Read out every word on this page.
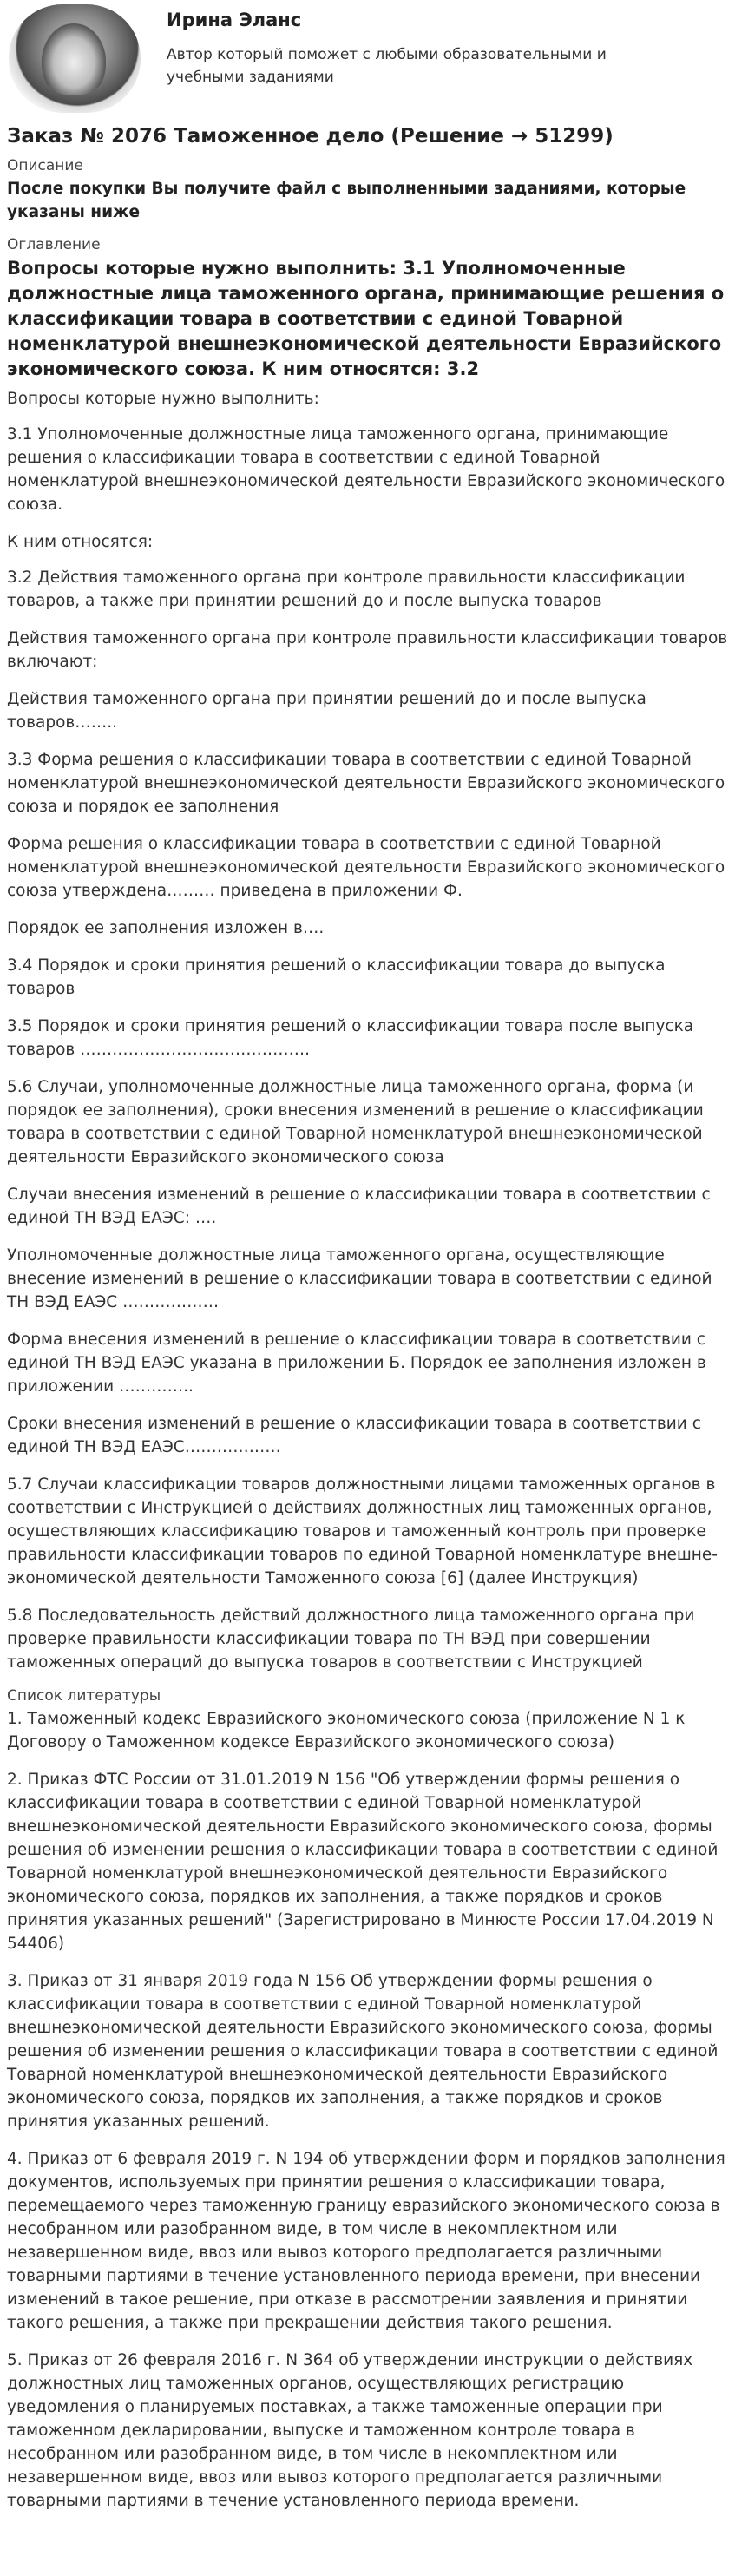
Ирина Эланс
Автор который поможет с любыми образовательными и учебными заданиями
Заказ № 2076 Таможенное дело (Решение → 51299)
Описание
После покупки Вы получите файл с выполненными заданиями, которые указаны ниже
Оглавление
Вопросы которые нужно выполнить: 3.1 Уполномоченные должностные лица таможенного органа, принимающие решения о классификации товара в соответствии с единой Товарной номенклатурой внешнеэкономической деятельности Евразийского экономического союза. К ним относятся: 3.2

Вопросы которые нужно выполнить:

3.1 Уполномоченные должностные лица таможенного органа, принимающие решения о классификации товара в соответствии с единой Товарной номенклатурой внешнеэкономической деятельности Евразийского экономического союза.

К ним относятся:

3.2 Действия таможенного органа при контроле правильности классификации товаров, а также при принятии решений до и после выпуска товаров

Действия таможенного органа при контроле правильности классификации товаров включают:

Действия таможенного органа при принятии решений до и после выпуска товаров……..

3.3 Форма решения о классификации товара в соответствии с единой Товарной номенклатурой внешнеэкономической деятельности Евразийского экономического союза и порядок ее заполнения

Форма решения о классификации товара в соответствии с единой Товарной номенклатурой внешнеэкономической деятельности Евразийского экономического союза утверждена……… приведена в приложении Ф.

Порядок ее заполнения изложен в….

3.4 Порядок и сроки принятия решений о классификации товара до выпуска товаров

3.5 Порядок и сроки принятия решений о классификации товара после выпуска товаров …………………………………….

5.6 Случаи, уполномоченные должностные лица таможенного органа, форма (и порядок ее заполнения), сроки внесения изменений в решение о классификации товара в соответствии с единой Товарной номенклатурой внешнеэкономической деятельности Евразийского экономического союза

Случаи внесения изменений в решение о классификации товара в соответствии с единой ТН ВЭД ЕАЭС: ….

Уполномоченные должностные лица таможенного органа, осуществляющие внесение изменений в решение о классификации товара в соответствии с единой ТН ВЭД ЕАЭС ………………

Форма внесения изменений в решение о классификации товара в соответствии с единой ТН ВЭД ЕАЭС указана в приложении Б. Порядок ее заполнения изложен в приложении …………..

Сроки внесения изменений в решение о классификации товара в соответствии с единой ТН ВЭД ЕАЭС………………

5.7 Случаи классификации товаров должностными лицами таможенных органов в соответствии с Инструкцией о действиях должностных лиц таможенных органов, осуществляющих классификацию товаров и таможенный контроль при проверке правильности классификации товаров по единой Товарной номенклатуре внешне-экономической деятельности Таможенного союза [6] (далее Инструкция)

5.8 Последовательность действий должностного лица таможенного органа при проверке правильности классификации товара по ТН ВЭД при совершении таможенных операций до выпуска товаров в соответствии с Инструкцией

Список литературы

1. Таможенный кодекс Евразийского экономического союза (приложение N 1 к Договору о Таможенном кодексе Евразийского экономического союза)

2. Приказ ФТС России от 31.01.2019 N 156 "Об утверждении формы решения о классификации товара в соответствии с единой Товарной номенклатурой внешнеэкономической деятельности Евразийского экономического союза, формы решения об изменении решения о классификации товара в соответствии с единой Товарной номенклатурой внешнеэкономической деятельности Евразийского экономического союза, порядков их заполнения, а также порядков и сроков принятия указанных решений" (Зарегистрировано в Минюсте России 17.04.2019 N 54406)

3. Приказ от 31 января 2019 года N 156 Об утверждении формы решения о классификации товара в соответствии с единой Товарной номенклатурой внешнеэкономической деятельности Евразийского экономического союза, формы решения об изменении решения о классификации товара в соответствии с единой Товарной номенклатурой внешнеэкономической деятельности Евразийского экономического союза, порядков их заполнения, а также порядков и сроков принятия указанных решений.

4. Приказ от 6 февраля 2019 г. N 194 об утверждении форм и порядков заполнения документов, используемых при принятии решения о классификации товара, перемещаемого через таможенную границу евразийского экономического союза в несобранном или разобранном виде, в том числе в некомплектном или незавершенном виде, ввоз или вывоз которого предполагается различными товарными партиями в течение установленного периода времени, при внесении изменений в такое решение, при отказе в рассмотрении заявления и принятии такого решения, а также при прекращении действия такого решения.

5. Приказ от 26 февраля 2016 г. N 364 об утверждении инструкции о действиях должностных лиц таможенных органов, осуществляющих регистрацию уведомления о планируемых поставках, а также таможенные операции при таможенном декларировании, выпуске и таможенном контроле товара в несобранном или разобранном виде, в том числе в некомплектном или незавершенном виде, ввоз или вывоз которого предполагается различными товарными партиями в течение установленного периода времени.
